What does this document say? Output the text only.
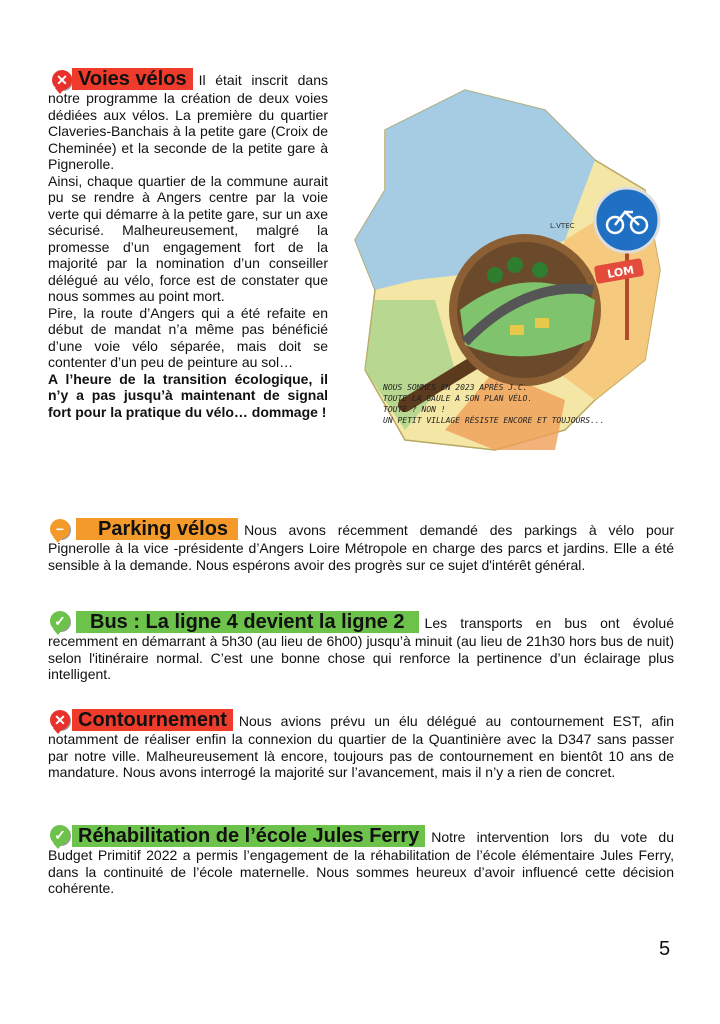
✕ Voies vélos Il était inscrit dans notre programme la création de deux voies dédiées aux vélos. La première du quartier Claveries-Banchais à la petite gare (Croix de Cheminée) et la seconde de la petite gare à Pignerolle.
Ainsi, chaque quartier de la commune aurait pu se rendre à Angers centre par la voie verte qui démarre à la petite gare, sur un axe sécurisé. Malheureusement, malgré la promesse d’un engagement fort de la majorité par la nomination d’un conseiller délégué au vélo, force est de constater que nous sommes au point mort.
Pire, la route d’Angers qui a été refaite en début de mandat n’a même pas bénéficié d’une voie vélo séparée, mais doit se contenter d’un peu de peinture au sol…
A l’heure de la transition écologique, il n’y a pas jusqu’à maintenant de signal fort pour la pratique du vélo… dommage !
LOM
L.VTEC
NOUS SOMMES EN 2023 APRÈS J.C. TOUTE LA GAULE A SON PLAN VÉLO. TOUTE ? NON ! UN PETIT VILLAGE RÉSISTE ENCORE ET TOUJOURS...
−	Parking vélos Nous avons récemment demandé des parkings à vélo pour Pignerolle à la vice -présidente d’Angers Loire Métropole en charge des parcs et jardins. Elle a été sensible à la demande. Nous espérons avoir des progrès sur ce sujet d'intérêt général.
✓	Bus : La ligne 4 devient la ligne 2 Les transports en bus ont évolué recemment en démarrant à 5h30 (au lieu de 6h00) jusqu’à minuit (au lieu de 21h30 hors bus de nuit) selon l'itinéraire normal. C’est une bonne chose qui renforce la pertinence d’un éclairage plus intelligent.
✕ Contournement Nous avions prévu un élu délégué au contournement EST, afin notamment de réaliser enfin la connexion du quartier de la Quantinière avec la D347 sans passer par notre ville. Malheureusement là encore, toujours pas de contournement en bientôt 10 ans de mandature. Nous avons interrogé la majorité sur l’avancement, mais il n’y a rien de concret.
✓ Réhabilitation de l’école Jules Ferry Notre intervention lors du vote du Budget Primitif 2022 a permis l’engagement de la réhabilitation de l’école élémentaire Jules Ferry, dans la continuité de l’école maternelle. Nous sommes heureux d’avoir influencé cette décision cohérente.
5
